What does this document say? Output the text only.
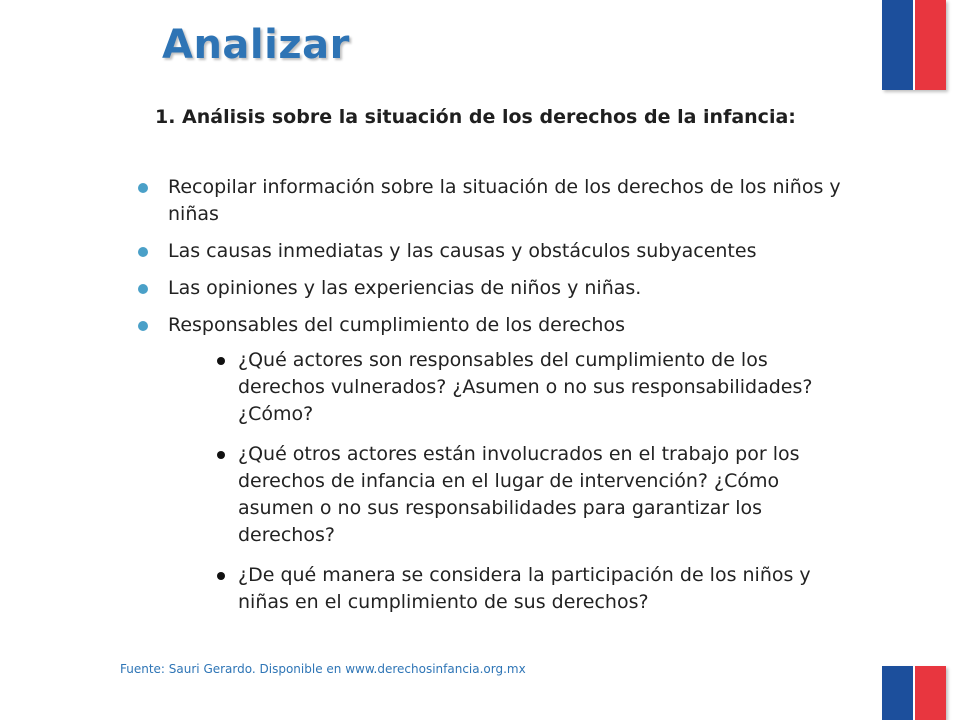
Analizar
1. Análisis sobre la situación de los derechos de la infancia:
Recopilar información sobre la situación de los derechos de los niños y niñas
Las causas inmediatas y las causas y obstáculos subyacentes
Las opiniones y las experiencias de niños y niñas.
Responsables del cumplimiento de los derechos
¿Qué actores son responsables del cumplimiento de los derechos vulnerados? ¿Asumen o no sus responsabilidades? ¿Cómo?
¿Qué otros actores están involucrados en el trabajo por los derechos de infancia en el lugar de intervención? ¿Cómo asumen o no sus responsabilidades para garantizar los derechos?
¿De qué manera se considera la participación de los niños y niñas en el cumplimiento de sus derechos?
Fuente: Sauri Gerardo. Disponible en www.derechosinfancia.org.mx
